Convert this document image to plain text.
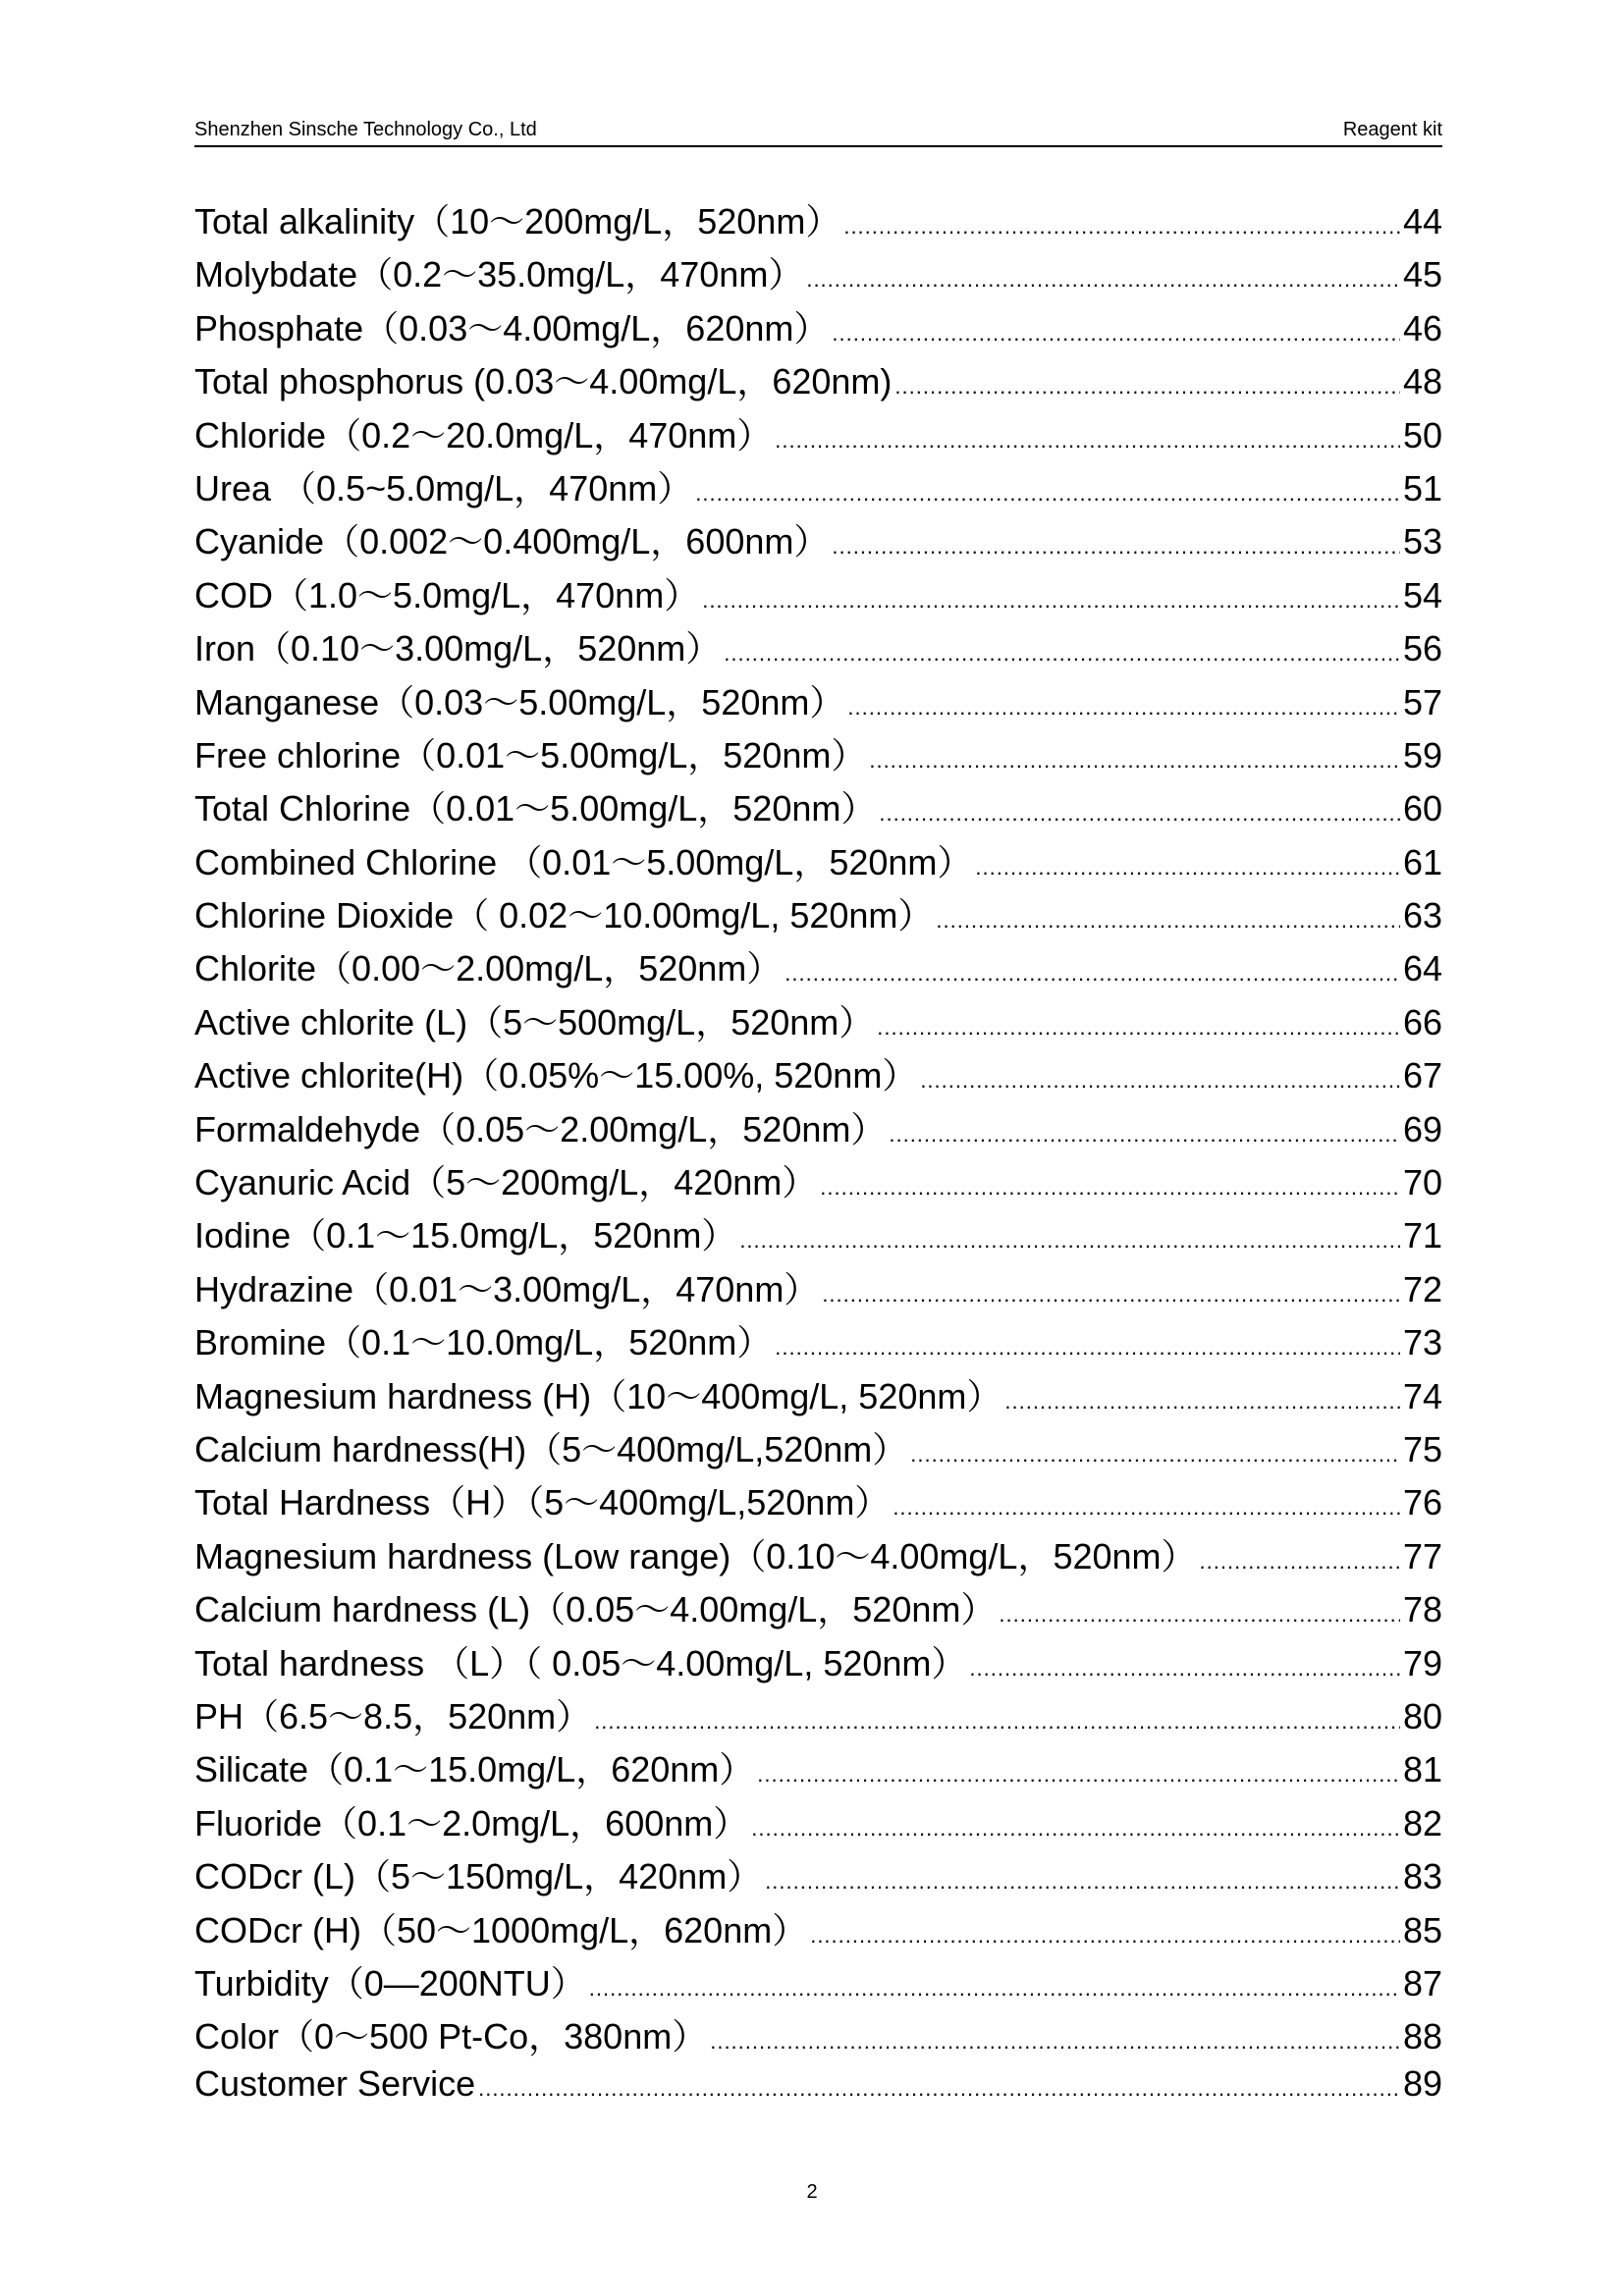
Shenzhen Sinsche Technology Co., Ltd	Reagent kit
Total alkalinity（10～200mg/L，520nm） .....	44
Molybdate（0.2～35.0mg/L，470nm） .....	45
Phosphate（0.03～4.00mg/L，620nm） .....	46
Total phosphorus (0.03～4.00mg/L，620nm) .....	48
Chloride（0.2～20.0mg/L，470nm） .....	50
Urea （0.5~5.0mg/L，470nm） .....	51
Cyanide（0.002～0.400mg/L，600nm） .....	53
COD（1.0～5.0mg/L，470nm） .....	54
Iron（0.10～3.00mg/L，520nm） .....	56
Manganese（0.03～5.00mg/L，520nm） .....	57
Free chlorine（0.01～5.00mg/L，520nm） .....	59
Total Chlorine（0.01～5.00mg/L，520nm） .....	60
Combined Chlorine （0.01～5.00mg/L，520nm） .....	61
Chlorine Dioxide（ 0.02～10.00mg/L, 520nm） .....	63
Chlorite（0.00～2.00mg/L，520nm） .....	64
Active chlorite (L)（5～500mg/L，520nm） .....	66
Active chlorite(H)（0.05%～15.00%, 520nm） .....	67
Formaldehyde（0.05～2.00mg/L，520nm） .....	69
Cyanuric Acid（5～200mg/L，420nm） .....	70
Iodine（0.1～15.0mg/L，520nm） .....	71
Hydrazine（0.01～3.00mg/L，470nm） .....	72
Bromine（0.1～10.0mg/L，520nm） .....	73
Magnesium hardness (H)（10～400mg/L, 520nm） .....	74
Calcium hardness(H)（5～400mg/L,520nm） .....	75
Total Hardness（H）（5～400mg/L,520nm） .....	76
Magnesium hardness (Low range)（0.10～4.00mg/L，520nm） .....	77
Calcium hardness (L)（0.05～4.00mg/L，520nm） .....	78
Total hardness （L）（ 0.05～4.00mg/L, 520nm） .....	79
PH（6.5～8.5，520nm） .....	80
Silicate（0.1～15.0mg/L，620nm） .....	81
Fluoride（0.1～2.0mg/L，600nm） .....	82
CODcr (L)（5～150mg/L，420nm） .....	83
CODcr (H)（50～1000mg/L，620nm） .....	85
Turbidity（0—200NTU） .....	87
Color（0～500 Pt-Co，380nm） .....	88
Customer Service .....	89
2
